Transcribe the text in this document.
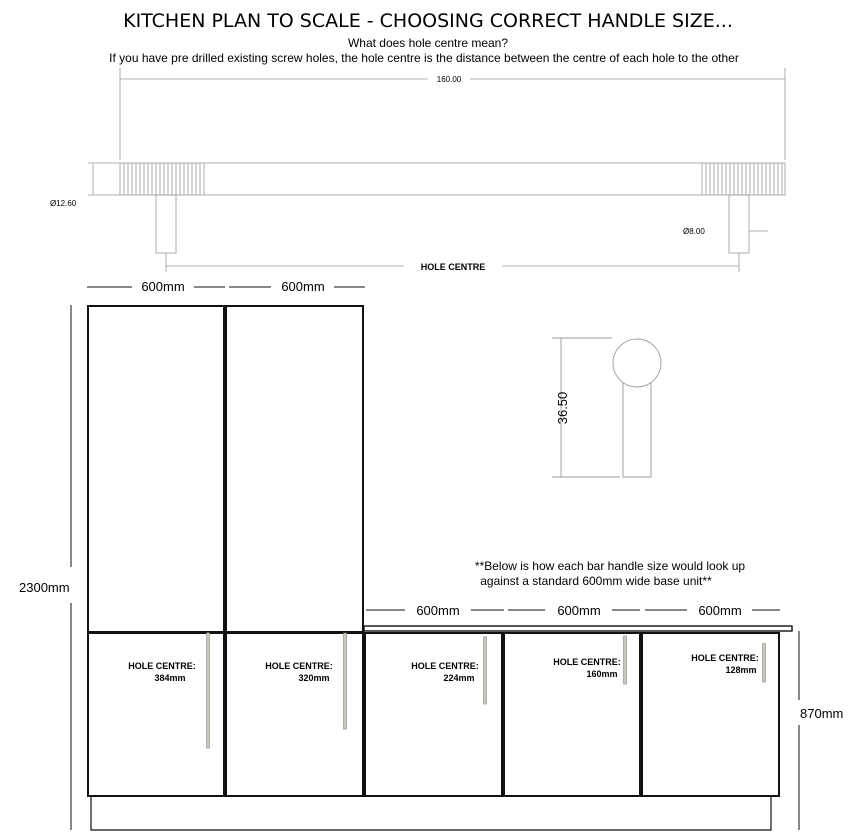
KITCHEN PLAN TO SCALE - CHOOSING CORRECT HANDLE SIZE...
What does hole centre mean?
If you have pre drilled existing screw holes, the hole centre is the distance between the centre of each hole to the other
160.00
Ø12.60
Ø8.00
HOLE CENTRE
36.50
600mm	600mm
2300mm
HOLE CENTRE:
384mm
HOLE CENTRE:
320mm
HOLE CENTRE:
224mm
HOLE CENTRE:
160mm
HOLE CENTRE:
128mm
**Below is how each bar handle size would look up
against a standard 600mm wide base unit**
600mm	600mm	600mm
870mm
